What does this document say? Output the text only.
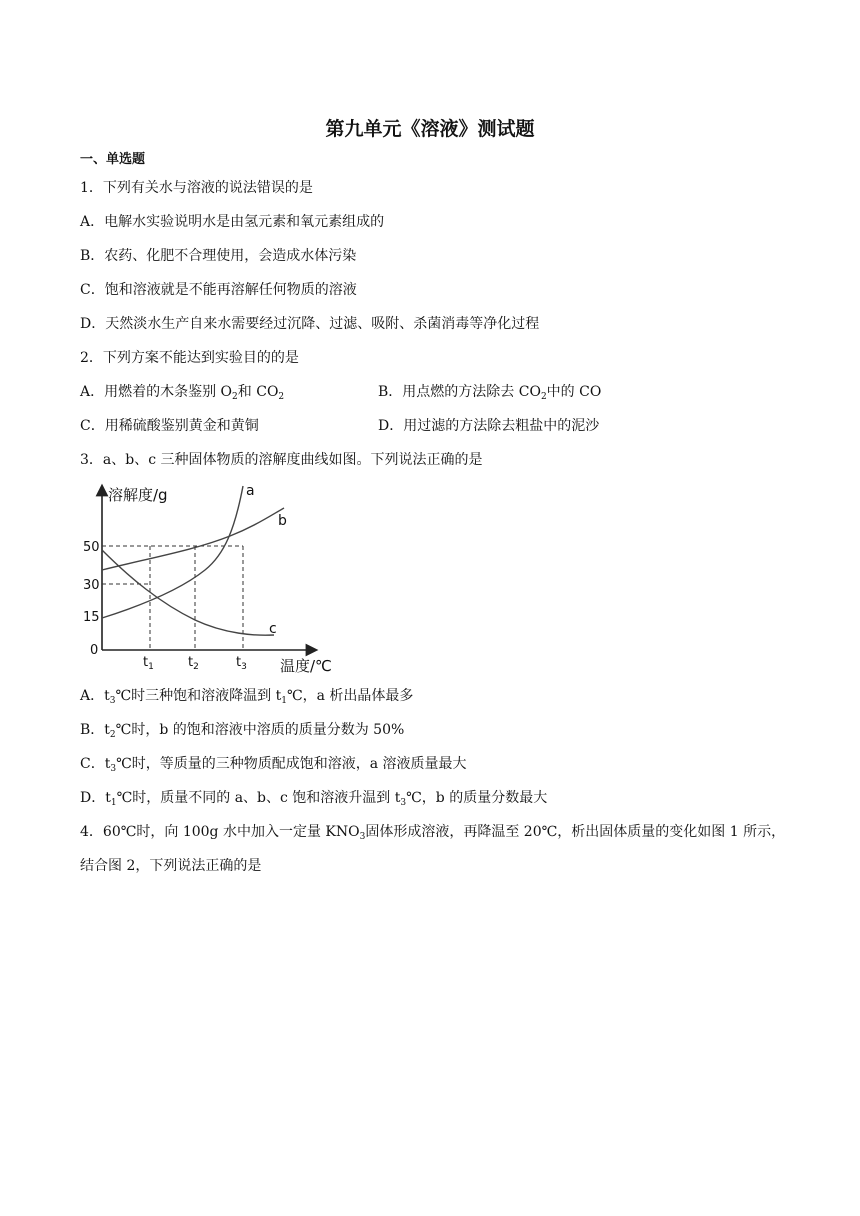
第九单元《溶液》测试题
一、单选题
1．下列有关水与溶液的说法错误的是
A．电解水实验说明水是由氢元素和氧元素组成的
B．农药、化肥不合理使用，会造成水体污染
C．饱和溶液就是不能再溶解任何物质的溶液
D．天然淡水生产自来水需要经过沉降、过滤、吸附、杀菌消毒等净化过程
2．下列方案不能达到实验目的的是
A．用燃着的木条鉴别 $O_2$和 $CO_2$	B．用点燃的方法除去 $CO_2$中的 CO
C．用稀硫酸鉴别黄金和黄铜	D．用过滤的方法除去粗盐中的泥沙
3．a、b、c 三种固体物质的溶解度曲线如图。下列说法正确的是
溶解度/g
温度/℃
0
50
30
15
$t_1$	$t_2$	$t_3$
a
b
c
A．$t_3℃$时三种饱和溶液降温到 $t_1℃$，a 析出晶体最多
B．$t_2℃$时，b 的饱和溶液中溶质的质量分数为 50%
C．$t_3℃$时，等质量的三种物质配成饱和溶液，a 溶液质量最大
D．$t_1℃$时，质量不同的 a、b、c 饱和溶液升温到 $t_3℃$，b 的质量分数最大
4．60℃时，向 100g 水中加入一定量 $KNO_3$固体形成溶液，再降温至 20℃，析出固体质量的变化如图 1 所示，
结合图 2，下列说法正确的是
